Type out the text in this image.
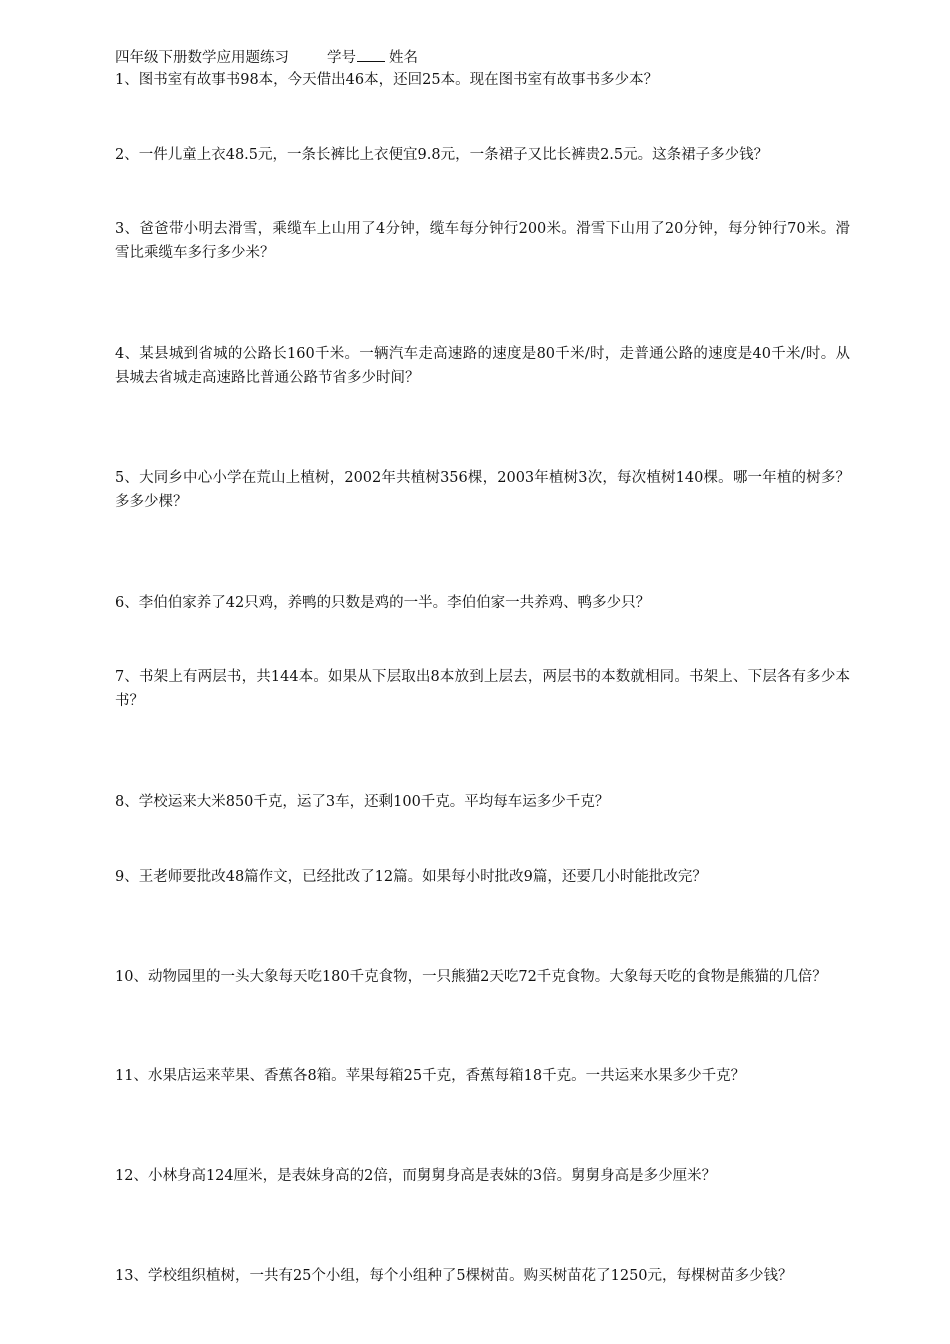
四年级下册数学应用题练习	学号 姓名
1、图书室有故事书98本，今天借出46本，还回25本。现在图书室有故事书多少本？
2、一件儿童上衣48.5元，一条长裤比上衣便宜9.8元，一条裙子又比长裤贵2.5元。这条裙子多少钱？
3、爸爸带小明去滑雪，乘缆车上山用了4分钟，缆车每分钟行200米。滑雪下山用了20分钟，每分钟行70米。滑雪比乘缆车多行多少米？
4、某县城到省城的公路长160千米。一辆汽车走高速路的速度是80千米/时，走普通公路的速度是40千米/时。从县城去省城走高速路比普通公路节省多少时间？
5、大同乡中心小学在荒山上植树，2002年共植树356棵，2003年植树3次，每次植树140棵。哪一年植的树多？多多少棵？
6、李伯伯家养了42只鸡，养鸭的只数是鸡的一半。李伯伯家一共养鸡、鸭多少只？
7、书架上有两层书，共144本。如果从下层取出8本放到上层去，两层书的本数就相同。书架上、下层各有多少本书？
8、学校运来大米850千克，运了3车，还剩100千克。平均每车运多少千克？
9、王老师要批改48篇作文，已经批改了12篇。如果每小时批改9篇，还要几小时能批改完？
10、动物园里的一头大象每天吃180千克食物，一只熊猫2天吃72千克食物。大象每天吃的食物是熊猫的几倍？
11、水果店运来苹果、香蕉各8箱。苹果每箱25千克，香蕉每箱18千克。一共运来水果多少千克？
12、小林身高124厘米，是表妹身高的2倍，而舅舅身高是表妹的3倍。舅舅身高是多少厘米？
13、学校组织植树，一共有25个小组，每个小组种了5棵树苗。购买树苗花了1250元，每棵树苗多少钱？
